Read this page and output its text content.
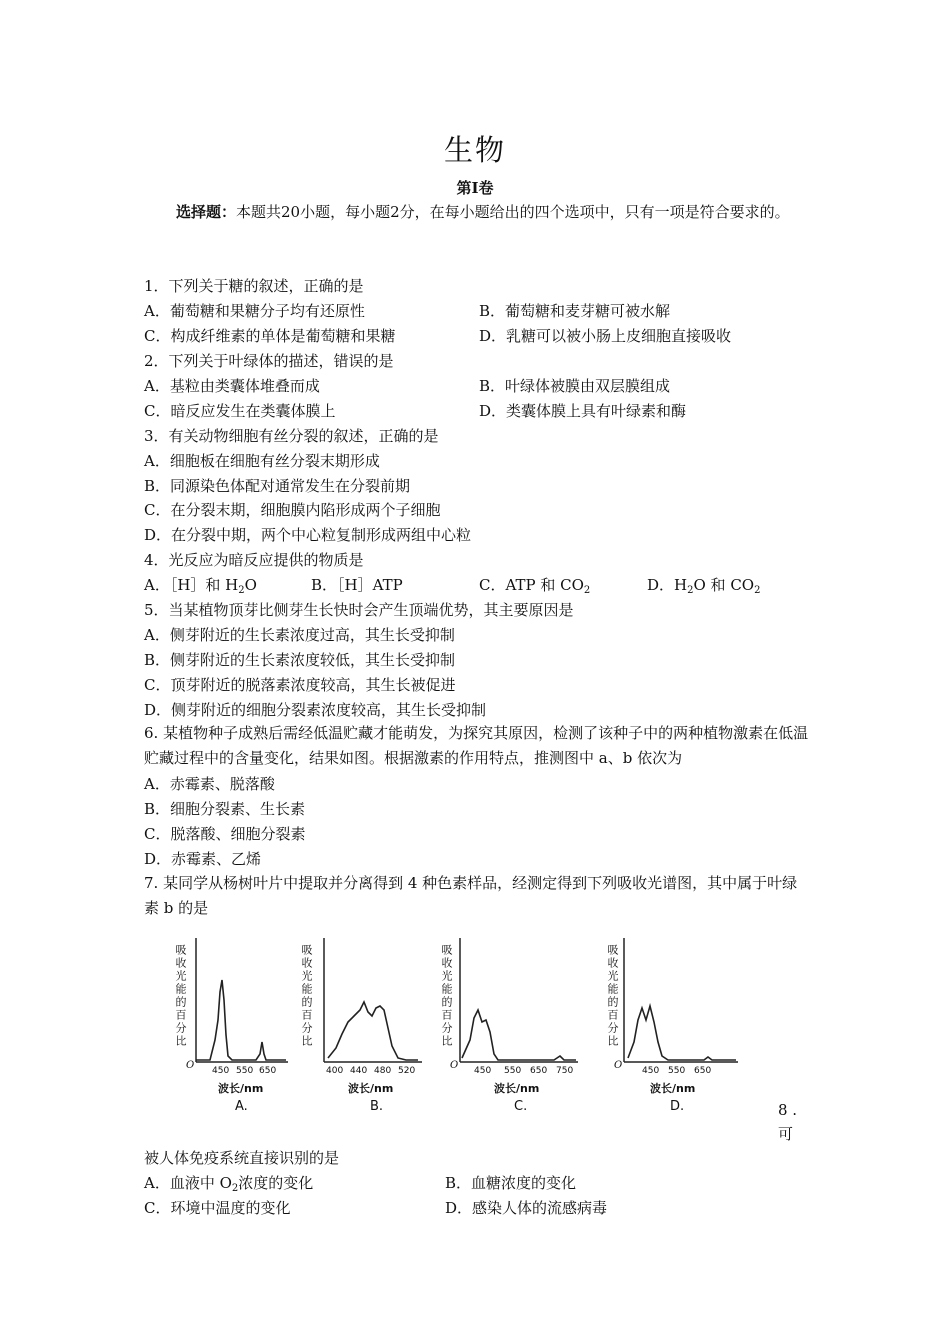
生物
第Ⅰ卷
选择题：本题共20小题，每小题2分，在每小题给出的四个选项中，只有一项是符合要求的。
1．下列关于糖的叙述，正确的是
A．葡萄糖和果糖分子均有还原性	B．葡萄糖和麦芽糖可被水解
C．构成纤维素的单体是葡萄糖和果糖	D．乳糖可以被小肠上皮细胞直接吸收
2．下列关于叶绿体的描述，错误的是
A．基粒由类囊体堆叠而成	B．叶绿体被膜由双层膜组成
C．暗反应发生在类囊体膜上	D．类囊体膜上具有叶绿素和酶
3．有关动物细胞有丝分裂的叙述，正确的是
A．细胞板在细胞有丝分裂末期形成
B．同源染色体配对通常发生在分裂前期
C．在分裂末期，细胞膜内陷形成两个子细胞
D．在分裂中期，两个中心粒复制形成两组中心粒
4．光反应为暗反应提供的物质是
A．［H］和 $H_2O$	B．［H］ATP	C．ATP 和 $CO_2$	D．$H_2O$ 和 $CO_2$
5．当某植物顶芽比侧芽生长快时会产生顶端优势，其主要原因是
A．侧芽附近的生长素浓度过高，其生长受抑制
B．侧芽附近的生长素浓度较低，其生长受抑制
C．顶芽附近的脱落素浓度较高，其生长被促进
D．侧芽附近的细胞分裂素浓度较高，其生长受抑制
6. 某植物种子成熟后需经低温贮藏才能萌发，为探究其原因，检测了该种子中的两种植物激素在低温贮藏过程中的含量变化，结果如图。根据激素的作用特点，推测图中 a、b 依次为
A．赤霉素、脱落酸
B．细胞分裂素、生长素
C．脱落酸、细胞分裂素
D．赤霉素、乙烯
7. 某同学从杨树叶片中提取并分离得到 4 种色素样品，经测定得到下列吸收光谱图，其中属于叶绿素 b 的是
吸收光能的百分比
O 450 550 650
波长/nm
A.
吸收光能的百分比
400 440 480 520
波长/nm
B.
吸收光能的百分比
O 450 550 650 750
波长/nm
C.
吸收光能的百分比
O 450 550 650
波长/nm
D.	8 .
可
被人体免疫系统直接识别的是
A．血液中 $O_2$浓度的变化	B．血糖浓度的变化
C．环境中温度的变化	D．感染人体的流感病毒
